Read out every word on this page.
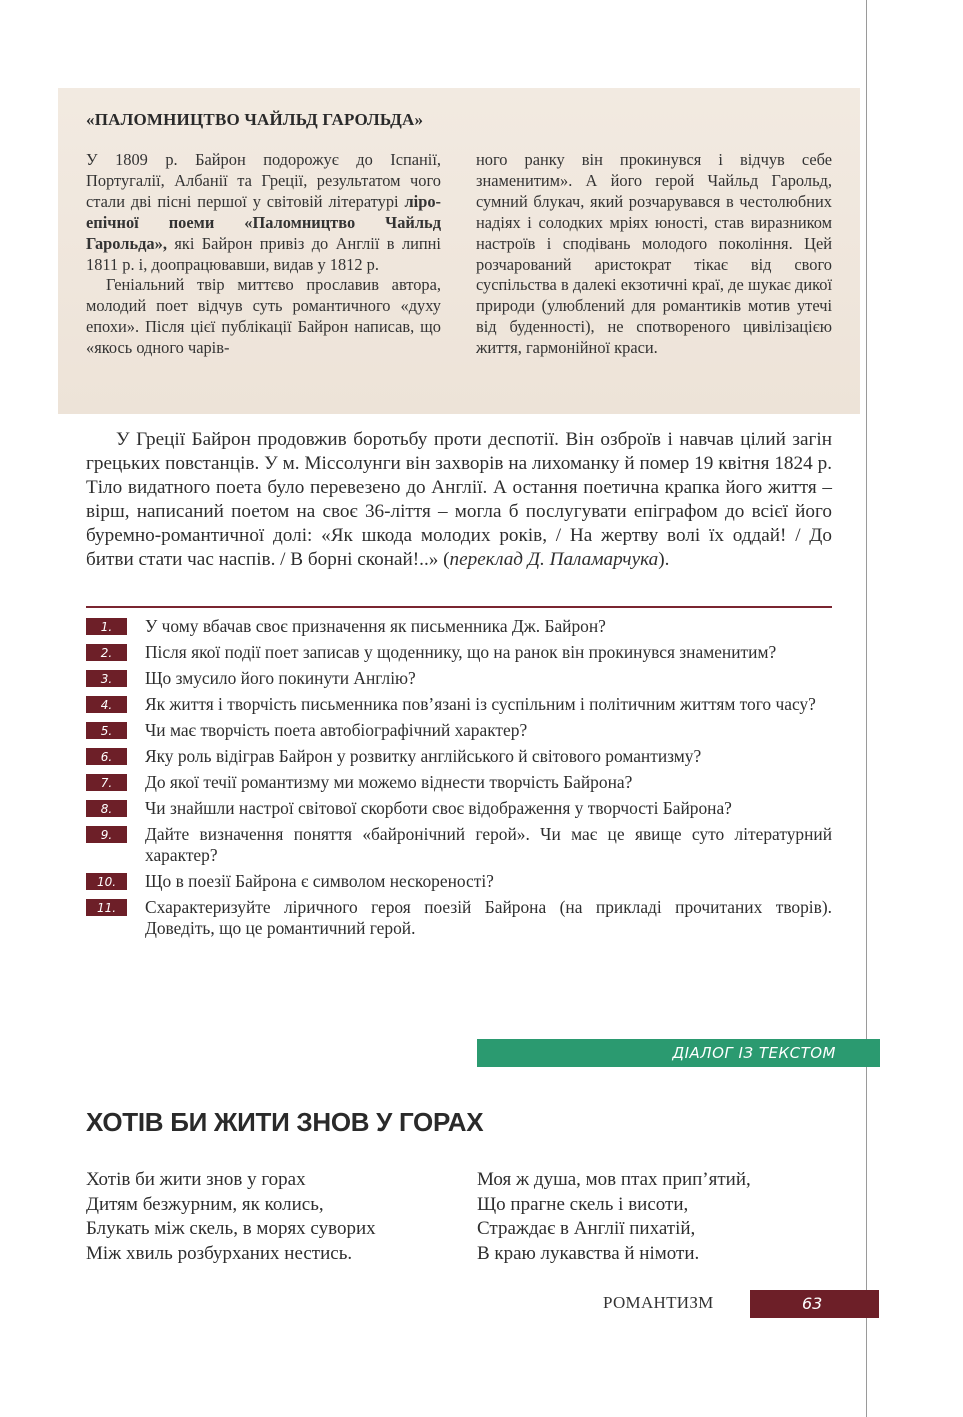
«ПАЛОМНИЦТВО ЧАЙЛЬД ГАРОЛЬДА»

У 1809 р. Байрон подорожує до Іспанії, Португалії, Албанії та Греції, результатом чого стали дві пісні першої у світовій літературі ліро-епічної поеми «Паломництво Чайльд Гарольда», які Байрон привіз до Англії в липні 1811 р. і, доопрацювавши, видав у 1812 р.

Геніальний твір миттєво прославив автора, молодий поет відчув суть романтичного «духу епохи». Після цієї публікації Байрон написав, що «якось одного чарів-

ного ранку він прокинувся і відчув себе знаменитим». А його герой Чайльд Гарольд, сумний блукач, який розчарувався в честолюбних надіях і солодких мріях юності, став виразником настроїв і сподівань молодого покоління. Цей розчарований аристократ тікає від свого суспільства в далекі екзотичні краї, де шукає дикої природи (улюблений для романтиків мотив утечі від буденності), не спотвореного цивілізацією життя, гармонійної краси.

У Греції Байрон продовжив боротьбу проти деспотії. Він озброїв і навчав цілий загін грецьких повстанців. У м. Міссолунги він захворів на лихоманку й помер 19 квітня 1824 р. Тіло видатного поета було перевезено до Англії. А остання поетична крапка його життя – вірш, написаний поетом на своє 36-ліття – могла б послугувати епіграфом до всієї його буремно-романтичної долі: «Як шкода молодих років, / На жертву волі їх оддай! / До битви стати час наспів. / В борні сконай!..» (переклад Д. Паламарчука).

1.	У чому вбачав своє призначення як письменника Дж. Байрон?
2.	Після якої події поет записав у щоденнику, що на ранок він прокинувся знаменитим?
3.	Що змусило його покинути Англію?
4.	Як життя і творчість письменника пов’язані із суспільним і політичним життям того часу?
5.	Чи має творчість поета автобіографічний характер?
6.	Яку роль відіграв Байрон у розвитку англійського й світового романтизму?
7.	До якої течії романтизму ми можемо віднести творчість Байрона?
8.	Чи знайшли настрої світової скорботи своє відображення у творчості Байрона?
9.	Дайте визначення поняття «байронічний герой». Чи має це явище суто літературний характер?
10.	Що в поезії Байрона є символом нескореності?
11.	Схарактеризуйте ліричного героя поезій Байрона (на прикладі прочитаних творів). Доведіть, що це романтичний герой.
ДІАЛОГ ІЗ ТЕКСТОМ
ХОТІВ БИ ЖИТИ ЗНОВ У ГОРАХ
Хотів би жити знов у горах
Дитям безжурним, як колись,
Блукать між скель, в морях суворих
Між хвиль розбурханих нестись.
Моя ж душа, мов птах прип’ятий,
Що прагне скель і висоти,
Страждає в Англії пихатій,
В краю лукавства й німоти.
РОМАНТИЗМ	63
